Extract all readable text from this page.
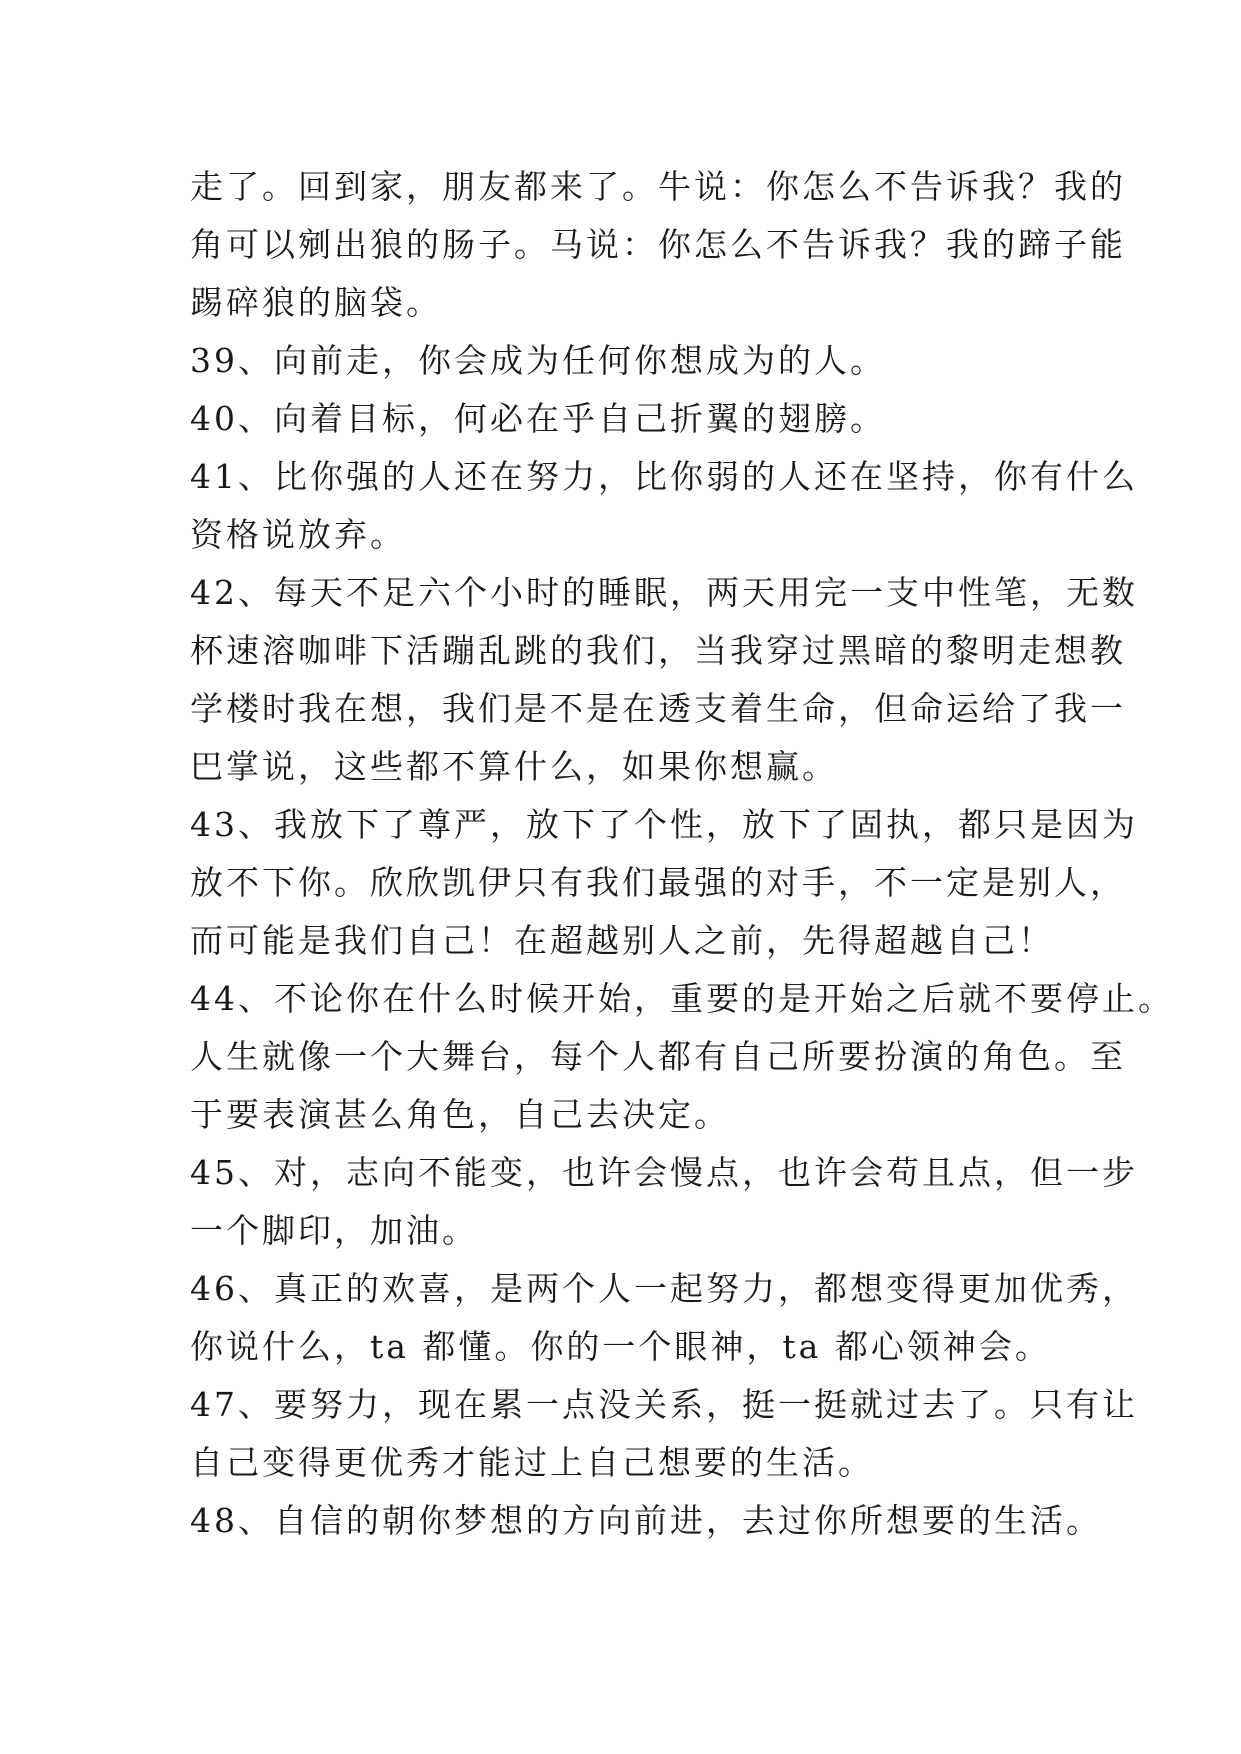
走了。回到家，朋友都来了。牛说：你怎么不告诉我？我的
角可以剜出狼的肠子。马说：你怎么不告诉我？我的蹄子能
踢碎狼的脑袋。
39、向前走，你会成为任何你想成为的人。
40、向着目标，何必在乎自己折翼的翅膀。
41、比你强的人还在努力，比你弱的人还在坚持，你有什么
资格说放弃。
42、每天不足六个小时的睡眠，两天用完一支中性笔，无数
杯速溶咖啡下活蹦乱跳的我们，当我穿过黑暗的黎明走想教
学楼时我在想，我们是不是在透支着生命，但命运给了我一
巴掌说，这些都不算什么，如果你想赢。
43、我放下了尊严，放下了个性，放下了固执，都只是因为
放不下你。欣欣凯伊只有我们最强的对手，不一定是别人，
而可能是我们自己！在超越别人之前，先得超越自己！
44、不论你在什么时候开始，重要的是开始之后就不要停止。
人生就像一个大舞台，每个人都有自己所要扮演的角色。至
于要表演甚么角色，自己去决定。
45、对，志向不能变，也许会慢点，也许会苟且点，但一步
一个脚印，加油。
46、真正的欢喜，是两个人一起努力，都想变得更加优秀，
你说什么，ta 都懂。你的一个眼神，ta 都心领神会。
47、要努力，现在累一点没关系，挺一挺就过去了。只有让
自己变得更优秀才能过上自己想要的生活。
48、自信的朝你梦想的方向前进，去过你所想要的生活。
